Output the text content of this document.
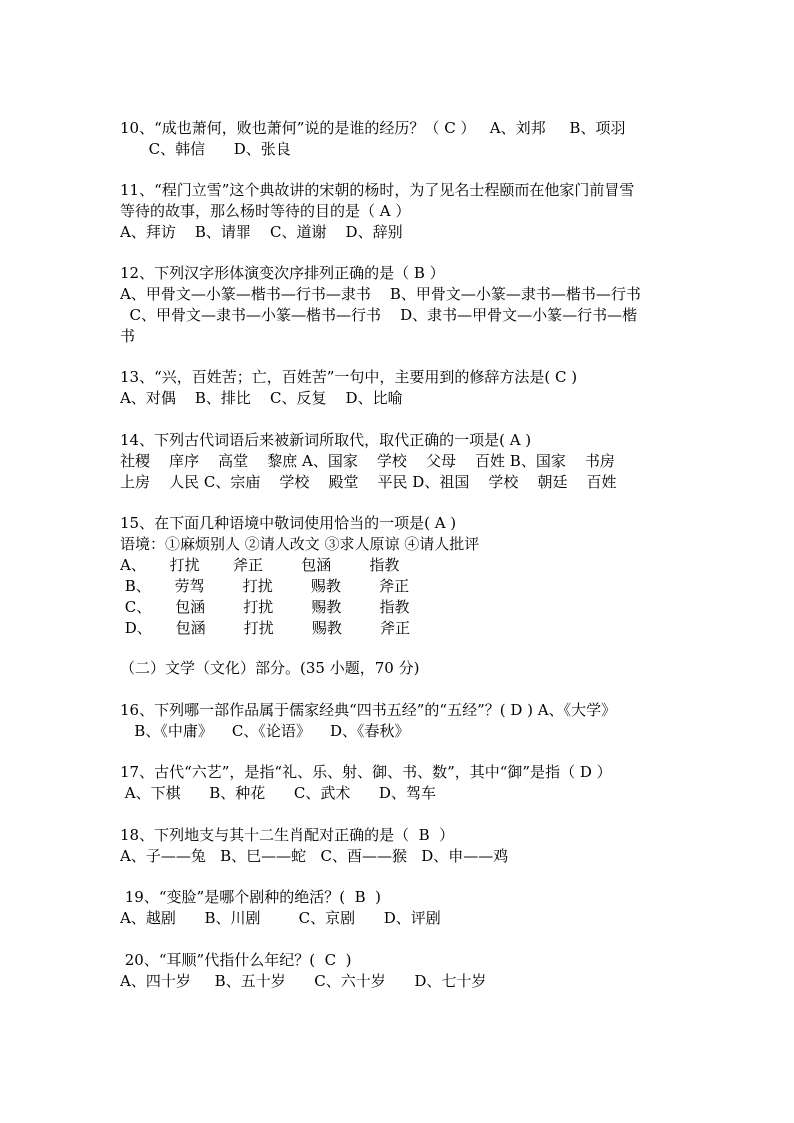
10、“成也萧何，败也萧何”说的是谁的经历？（ C ）   A、刘邦     B、项羽
C、韩信      D、张良
11、“程门立雪”这个典故讲的宋朝的杨时，为了见名士程颐而在他家门前冒雪
等待的故事，那么杨时等待的目的是（ A ）
A、拜访    B、请罪    C、道谢    D、辞别
12、下列汉字形体演变次序排列正确的是（ B ）
A、甲骨文—小篆—楷书—行书—隶书    B、甲骨文—小篆—隶书—楷书—行书
C、甲骨文—隶书—小篆—楷书—行书    D、隶书—甲骨文—小篆—行书—楷
书
13、“兴，百姓苦；亡，百姓苦”一句中，主要用到的修辞方法是( C )
A、对偶    B、排比    C、反复    D、比喻
14、下列古代词语后来被新词所取代，取代正确的一项是( A )
社稷    庠序    高堂    黎庶 A、国家    学校    父母    百姓 B、国家    书房
上房    人民 C、宗庙    学校    殿堂    平民 D、祖国    学校    朝廷    百姓
15、在下面几种语境中敬词使用恰当的一项是( A )
语境：①麻烦别人 ②请人改文 ③求人原谅 ④请人批评
A、     打扰       斧正        包涵        指教
B、     劳驾        打扰        赐教        斧正
C、     包涵        打扰        赐教        指教
D、     包涵        打扰        赐教        斧正
（二）文学（文化）部分。(35 小题，70 分)
16、下列哪一部作品属于儒家经典“四书五经”的“五经”？( D ) A、《大学》
B、《中庸》    C、《论语》    D、《春秋》
17、古代“六艺”，是指“礼、乐、射、御、书、数”，其中“御”是指（ D ）
A、下棋      B、种花      C、武术      D、驾车
18、下列地支与其十二生肖配对正确的是（  B  ）
A、子——兔   B、巳——蛇   C、酉——猴   D、申——鸡
19、“变脸”是哪个剧种的绝活？(  B  )
A、越剧      B、川剧        C、京剧      D、评剧
20、“耳顺”代指什么年纪？(  C  )
A、四十岁     B、五十岁      C、六十岁      D、七十岁
